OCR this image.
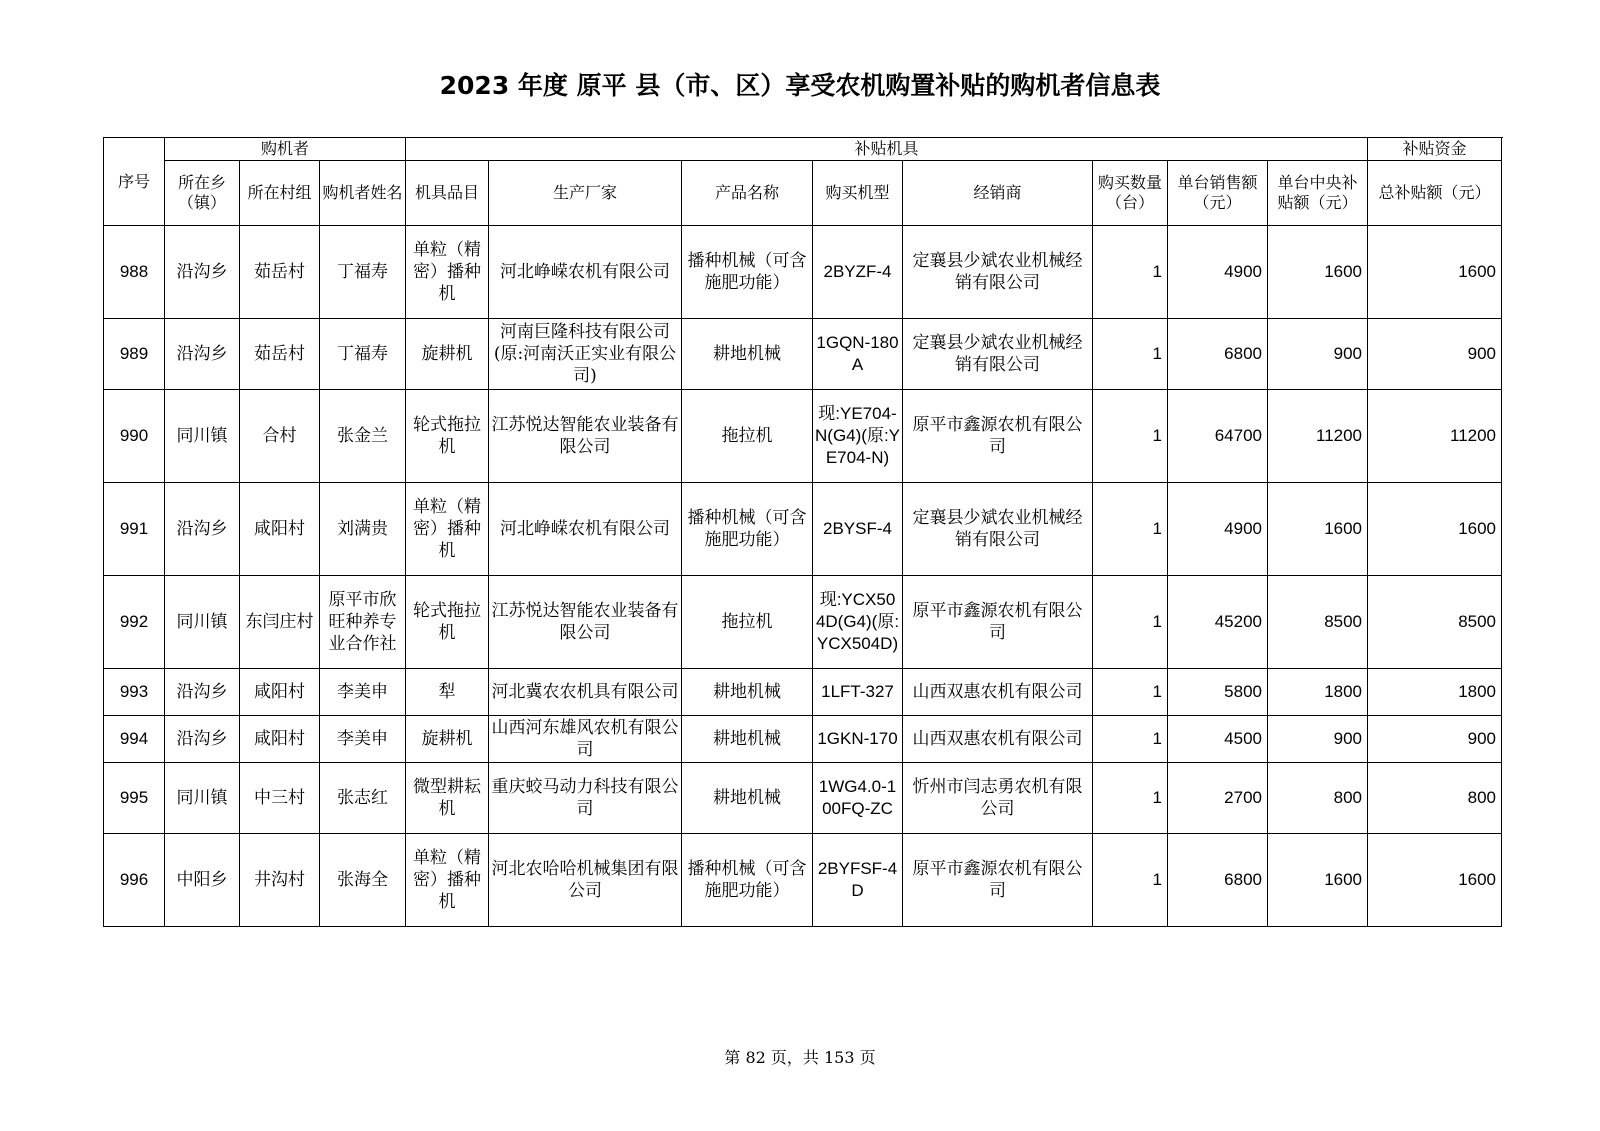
2023 年度 原平 县（市、区）享受农机购置补贴的购机者信息表
序号	购机者			补贴机具								补贴资金
	所在乡（镇）	所在村组	购机者姓名	机具品目	生产厂家	产品名称	购买机型	经销商	购买数量（台）	单台销售额（元）	单台中央补贴额（元）	总补贴额（元）
988	沿沟乡	茹岳村	丁福寿	单粒（精密）播种机	河北峥嵘农机有限公司	播种机械（可含施肥功能）	2BYZF-4	定襄县少斌农业机械经销有限公司	1	4900	1600	1600
989	沿沟乡	茹岳村	丁福寿	旋耕机	河南巨隆科技有限公司(原:河南沃正实业有限公司)	耕地机械	1GQN-180A	定襄县少斌农业机械经销有限公司	1	6800	900	900
990	同川镇	合村	张金兰	轮式拖拉机	江苏悦达智能农业装备有限公司	拖拉机	现:YE704-N(G4)(原:YE704-N)	原平市鑫源农机有限公司	1	64700	11200	11200
991	沿沟乡	咸阳村	刘满贵	单粒（精密）播种机	河北峥嵘农机有限公司	播种机械（可含施肥功能）	2BYSF-4	定襄县少斌农业机械经销有限公司	1	4900	1600	1600
992	同川镇	东闫庄村	原平市欣旺种养专业合作社	轮式拖拉机	江苏悦达智能农业装备有限公司	拖拉机	现:YCX504D(G4)(原:YCX504D)	原平市鑫源农机有限公司	1	45200	8500	8500
993	沿沟乡	咸阳村	李美申	犁	河北冀农农机具有限公司	耕地机械	1LFT-327	山西双惠农机有限公司	1	5800	1800	1800
994	沿沟乡	咸阳村	李美申	旋耕机	山西河东雄风农机有限公司	耕地机械	1GKN-170	山西双惠农机有限公司	1	4500	900	900
995	同川镇	中三村	张志红	微型耕耘机	重庆蛟马动力科技有限公司	耕地机械	1WG4.0-100FQ-ZC	忻州市闫志勇农机有限公司	1	2700	800	800
996	中阳乡	井沟村	张海全	单粒（精密）播种机	河北农哈哈机械集团有限公司	播种机械（可含施肥功能）	2BYFSF-4D	原平市鑫源农机有限公司	1	6800	1600	1600
第 82 页，共 153 页
